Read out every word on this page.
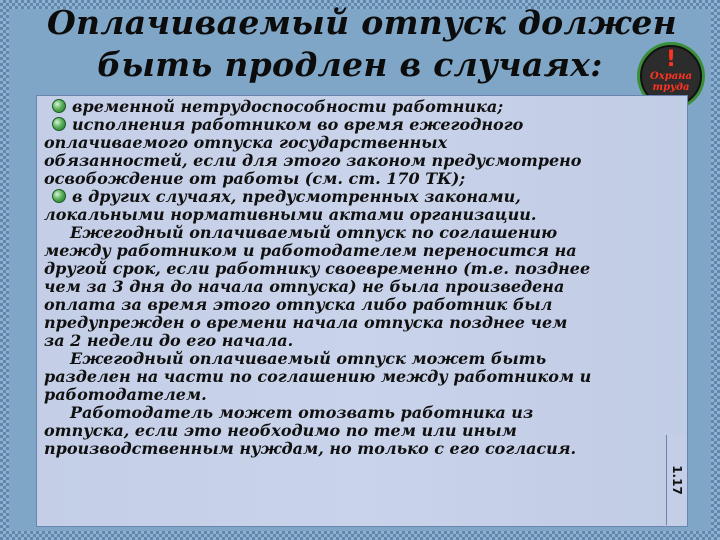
Оплачиваемый отпуск должен
быть продлен в случаях:	!
Охрана
труда
1.17
временной нетрудоспособности работника;
исполнения работником во время ежегодного
оплачиваемого отпуска государственных
обязанностей, если для этого законом предусмотрено
освобождение от работы (см. ст. 170 ТК);
в других случаях, предусмотренных законами,
локальными нормативными актами организации.
Ежегодный оплачиваемый отпуск по соглашению
между работником и работодателем переносится на
другой срок, если работнику своевременно (т.е. позднее
чем за 3 дня до начала отпуска) не была произведена
оплата за время этого отпуска либо работник был
предупрежден о времени начала отпуска позднее чем
за 2 недели до его начала.
Ежегодный оплачиваемый отпуск может быть
разделен на части по соглашению между работником и
работодателем.
Работодатель может отозвать работника из
отпуска, если это необходимо по тем или иным
производственным нуждам, но только с его согласия.
